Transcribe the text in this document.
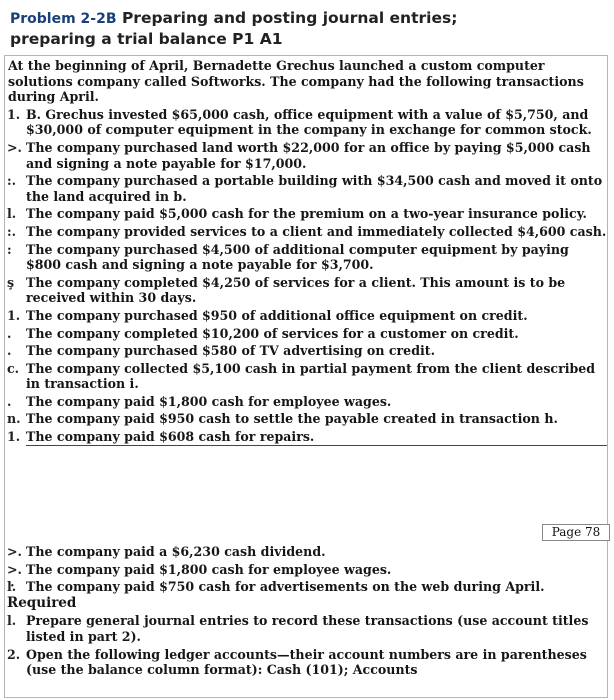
Problem 2-2B Preparing and posting journal entries;
preparing a trial balance P1 A1
At the beginning of April, Bernadette Grechus launched a custom computer solutions company called Softworks. The company had the following transactions during April.
1. B. Grechus invested $65,000 cash, office equipment with a value of $5,750, and $30,000 of computer equipment in the company in exchange for common stock.
>. The company purchased land worth $22,000 for an office by paying $5,000 cash and signing a note payable for $17,000.
:. The company purchased a portable building with $34,500 cash and moved it onto the land acquired in b.
l. The company paid $5,000 cash for the premium on a two-year insurance policy.
:. The company provided services to a client and immediately collected $4,600 cash.
:	The company purchased $4,500 of additional computer equipment by paying $800 cash and signing a note payable for $3,700.
ş The company completed $4,250 of services for a client. This amount is to be received within 30 days.
1. The company purchased $950 of additional office equipment on credit.
.	The company completed $10,200 of services for a customer on credit.
.	The company purchased $580 of TV advertising on credit.
c. The company collected $5,100 cash in partial payment from the client described in transaction i.
.	The company paid $1,800 cash for employee wages.
n. The company paid $950 cash to settle the payable created in transaction h.
1. The company paid $608 cash for repairs.
Page 78
>. The company paid a $6,230 cash dividend.
>. The company paid $1,800 cash for employee wages.
ŀ. The company paid $750 cash for advertisements on the web during April.
Required
l. Prepare general journal entries to record these transactions (use account titles listed in part 2).
2. Open the following ledger accounts—their account numbers are in parentheses (use the balance column format): Cash (101); Accounts
